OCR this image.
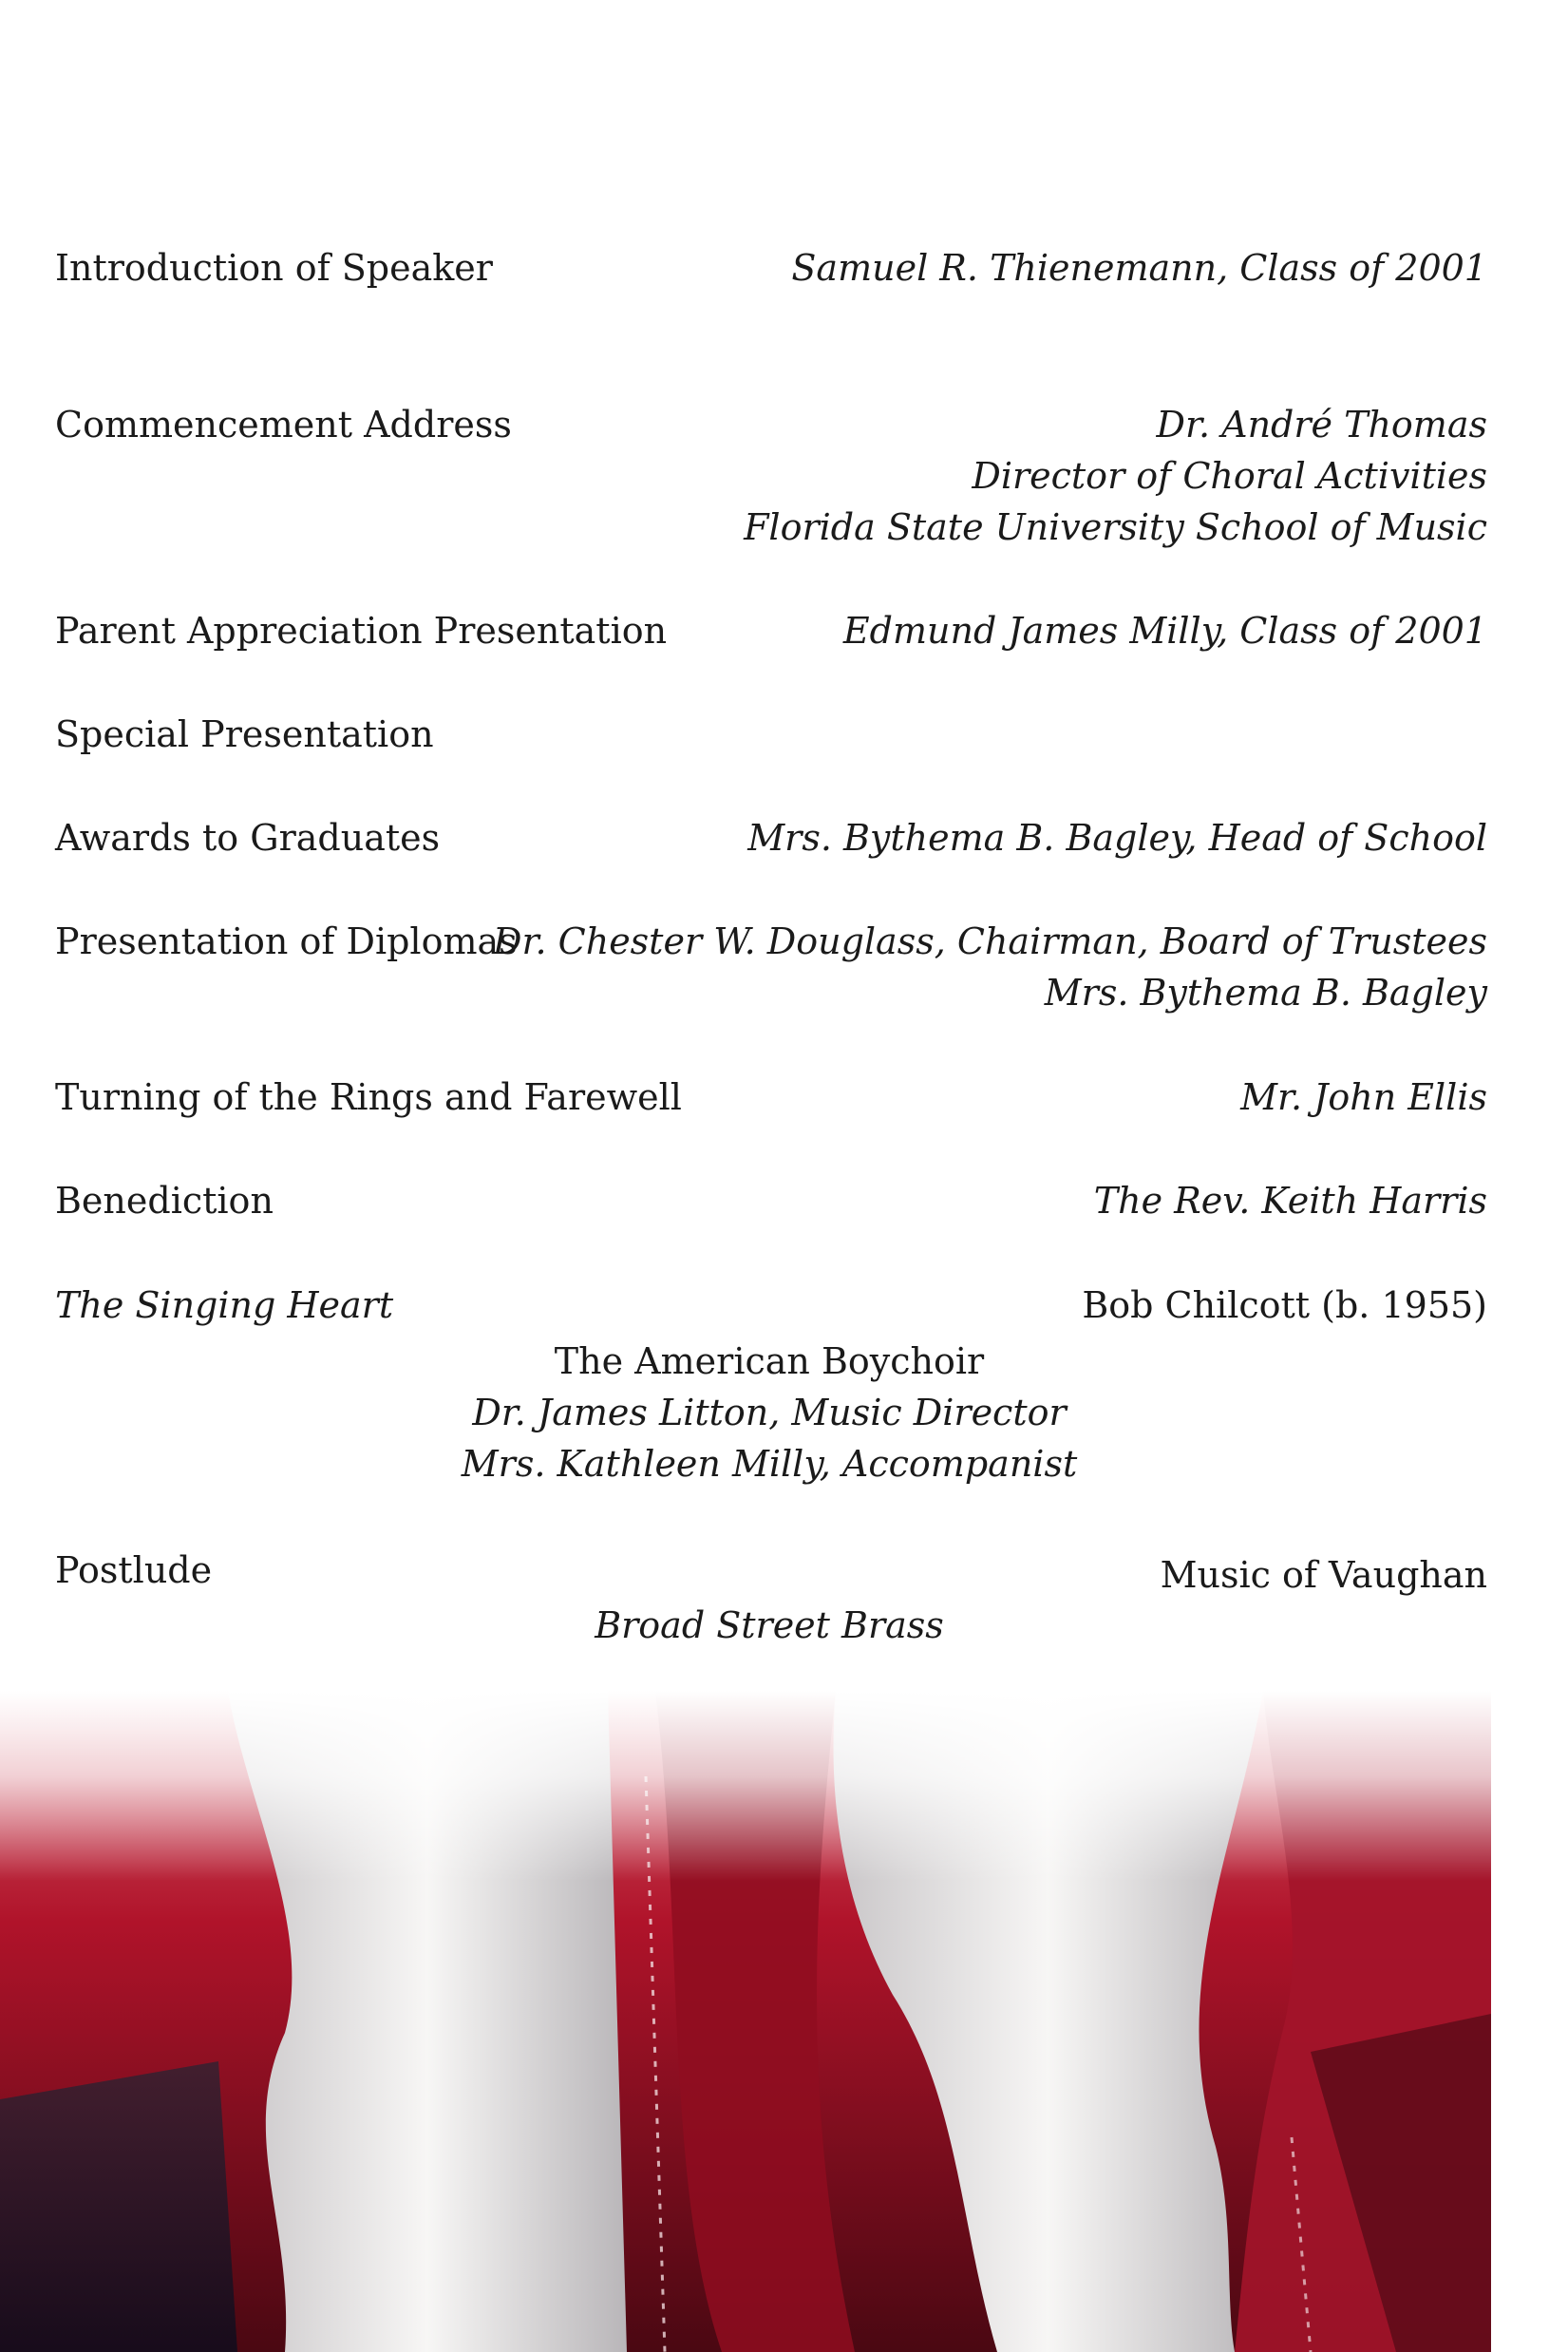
Introduction of Speaker	Samuel R. Thienemann, Class of 2001
Commencement Address	Dr. André Thomas
Director of Choral Activities
Florida State University School of Music
Parent Appreciation Presentation	Edmund James Milly, Class of 2001
Special Presentation
Awards to Graduates	Mrs. Bythema B. Bagley, Head of School
Presentation of Diplomas
Dr. Chester W. Douglass, Chairman, Board of Trustees
Mrs. Bythema B. Bagley
Turning of the Rings and Farewell	Mr. John Ellis
Benediction	The Rev. Keith Harris
The Singing Heart	Bob Chilcott (b. 1955)
The American Boychoir
Dr. James Litton, Music Director
Mrs. Kathleen Milly, Accompanist
Postlude	Music of Vaughan
Broad Street Brass
